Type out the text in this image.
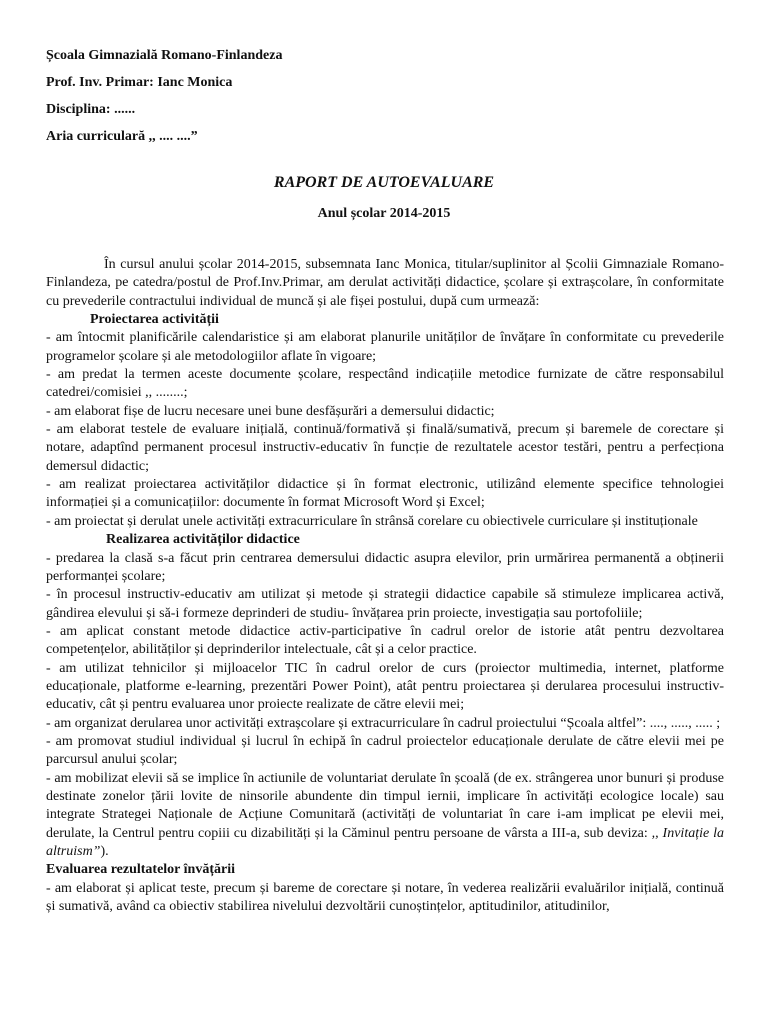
Școala Gimnazială Romano-Finlandeza
Prof. Inv. Primar: Ianc Monica
Disciplina: ......
Aria curriculară ,, .... ....”
RAPORT DE AUTOEVALUARE
Anul școlar 2014-2015

În cursul anului școlar 2014-2015, subsemnata Ianc Monica, titular/suplinitor al Școlii Gimnaziale Romano-Finlandeza, pe catedra/postul de Prof.Inv.Primar, am derulat activități didactice, școlare și extrașcolare, în conformitate cu prevederile contractului individual de muncă și ale fișei postului, după cum urmează:

Proiectarea activității

- am întocmit planificările calendaristice și am elaborat planurile unităților de învățare în conformitate cu prevederile programelor școlare și ale metodologiilor aflate în vigoare;

- am predat la termen aceste documente școlare, respectând indicațiile metodice furnizate de către responsabilul catedrei/comisiei ,, ........;

- am elaborat fișe de lucru necesare unei bune desfășurări a demersului didactic;

- am elaborat testele de evaluare inițială, continuă/formativă și finală/sumativă, precum și baremele de corectare și notare, adaptînd permanent procesul instructiv-educativ în funcție de rezultatele acestor testări, pentru a perfecționa demersul didactic;

- am realizat proiectarea activităților didactice și în format electronic, utilizând elemente specifice tehnologiei informației și a comunicațiilor: documente în format Microsoft Word și Excel;

- am proiectat și derulat unele activități extracurriculare în strânsă corelare cu obiectivele curriculare și instituționale

Realizarea activităților didactice

- predarea la clasă s-a făcut prin centrarea demersului didactic asupra elevilor, prin urmărirea permanentă a obținerii performanței școlare;

- în procesul instructiv-educativ am utilizat și metode și strategii didactice capabile să stimuleze implicarea activă, gândirea elevului și să-i formeze deprinderi de studiu- învățarea prin proiecte, investigația sau portofoliile;

- am aplicat constant metode didactice activ-participative în cadrul orelor de istorie atât pentru dezvoltarea competențelor, abilităților și deprinderilor intelectuale, cât și a celor practice.

- am utilizat tehnicilor și mijloacelor TIC în cadrul orelor de curs (proiector multimedia, internet, platforme educaționale, platforme e-learning, prezentări Power Point), atât pentru proiectarea și derularea procesului instructiv-educativ, cât și pentru evaluarea unor proiecte realizate de către elevii mei;

- am organizat derularea unor activități extrașcolare și extracurriculare în cadrul proiectului “Școala altfel”: ...., ....., ..... ;

- am promovat studiul individual și lucrul în echipă în cadrul proiectelor educaționale derulate de către elevii mei pe parcursul anului școlar;

- am mobilizat elevii să se implice în actiunile de voluntariat derulate în școală (de ex. strângerea unor bunuri și produse destinate zonelor țării lovite de ninsorile abundente din timpul iernii, implicare în activități ecologice locale) sau integrate Strategei Naționale de Acțiune Comunitară (activități de voluntariat în care i-am implicat pe elevii mei, derulate, la Centrul pentru copiii cu dizabilități și la Căminul pentru persoane de vârsta a III-a, sub deviza: ,, Invitație la altruism”).

Evaluarea rezultatelor învățării

- am elaborat și aplicat teste, precum și bareme de corectare și notare, în vederea realizării evaluărilor inițială, continuă și sumativă, având ca obiectiv stabilirea nivelului dezvoltării cunoștințelor, aptitudinilor, atitudinilor,
